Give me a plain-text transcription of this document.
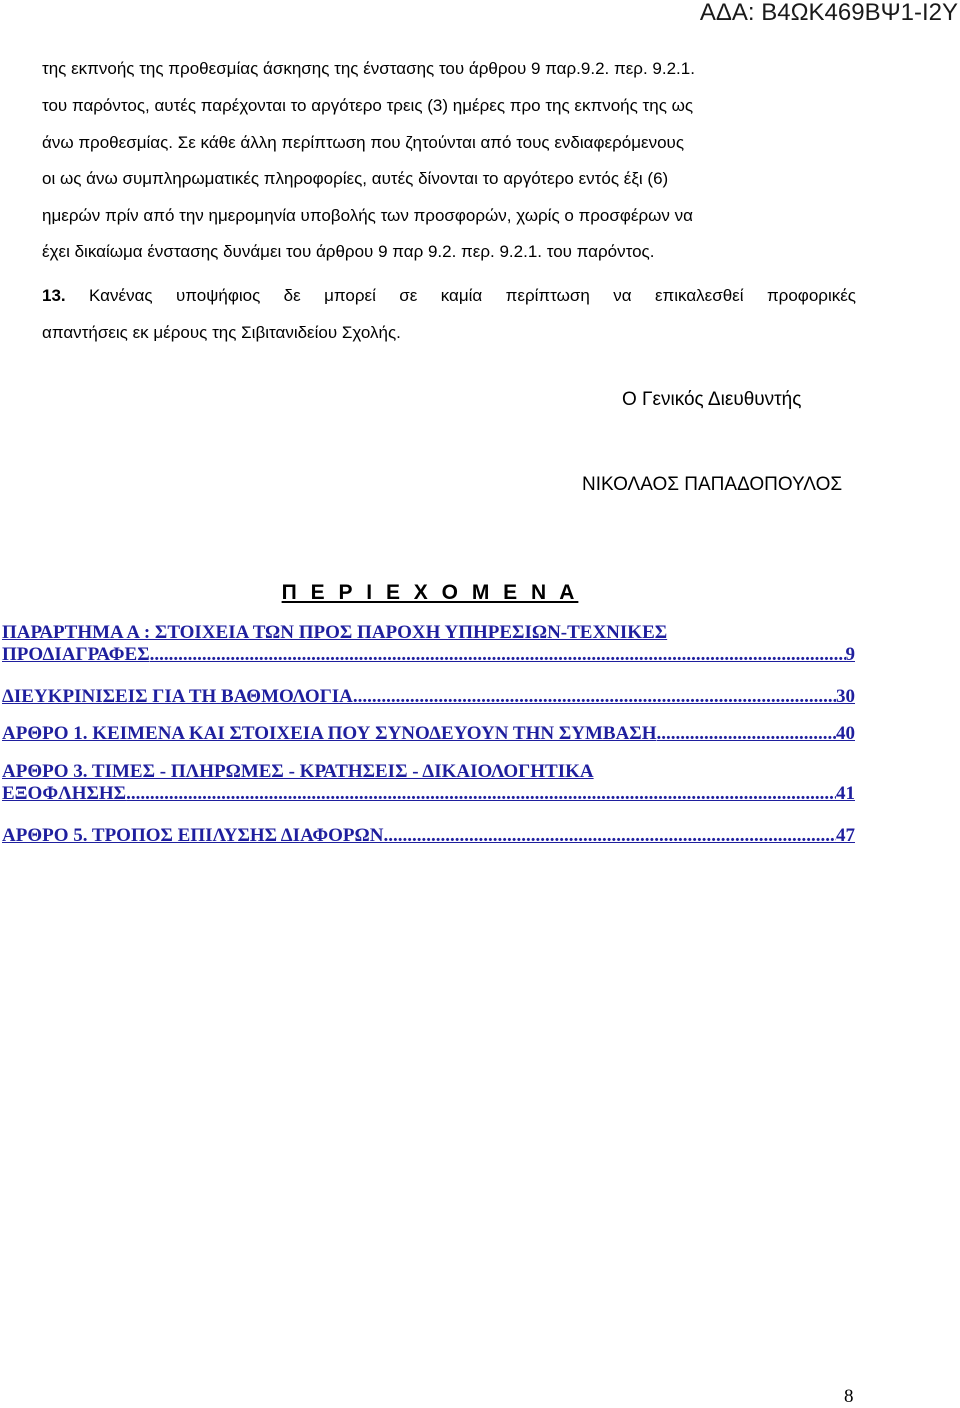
ΑΔΑ: Β4ΩΚ469ΒΨ1-Ι2Υ
της εκπνοής της προθεσμίας άσκησης της ένστασης του άρθρου 9 παρ.9.2. περ. 9.2.1.
του παρόντος, αυτές παρέχονται το αργότερο τρεις (3) ημέρες προ της εκπνοής της ως
άνω προθεσμίας. Σε κάθε άλλη περίπτωση που ζητούνται από τους ενδιαφερόμενους
οι ως άνω συμπληρωματικές πληροφορίες, αυτές δίνονται το αργότερο εντός έξι (6)
ημερών πρίν από την ημερομηνία υποβολής των προσφορών, χωρίς ο προσφέρων να
έχει δικαίωμα ένστασης δυνάμει του άρθρου 9 παρ 9.2. περ. 9.2.1. του παρόντος.
13. Κανένας υποψήφιος δε μπορεί σε καμία περίπτωση να επικαλεσθεί προφορικές
απαντήσεις εκ μέρους της Σιβιτανιδείου Σχολής.
Ο Γενικός Διευθυντής
ΝΙΚΟΛΑΟΣ ΠΑΠΑΔΟΠΟΥΛΟΣ
Π Ε Ρ Ι Ε Χ Ο Μ Ε Ν Α
ΠΑΡΑΡΤΗΜΑ Α : ΣΤΟΙΧΕΙΑ ΤΩΝ ΠΡΟΣ ΠΑΡΟΧΗ ΥΠΗΡΕΣΙΩΝ-ΤΕΧΝΙΚΕΣ
ΠΡΟΔΙΑΓΡΑΦΕΣ .....	9
ΔΙΕΥΚΡΙΝΙΣΕΙΣ ΓΙΑ ΤΗ ΒΑΘΜΟΛΟΓΙΑ .....	30
ΑΡΘΡΟ 1. ΚΕΙΜΕΝΑ ΚΑΙ ΣΤΟΙΧΕΙΑ ΠΟΥ ΣΥΝΟΔΕΥΟΥΝ ΤΗΝ ΣΥΜΒΑΣΗ .....	40
ΑΡΘΡΟ 3. ΤΙΜΕΣ - ΠΛΗΡΩΜΕΣ - ΚΡΑΤΗΣΕΙΣ - ΔΙΚΑΙΟΛΟΓΗΤΙΚΑ
ΕΞΟΦΛΗΣΗΣ .....	41
ΑΡΘΡΟ 5. ΤΡΟΠΟΣ ΕΠΙΛΥΣΗΣ ΔΙΑΦΟΡΩΝ .....	47
8
